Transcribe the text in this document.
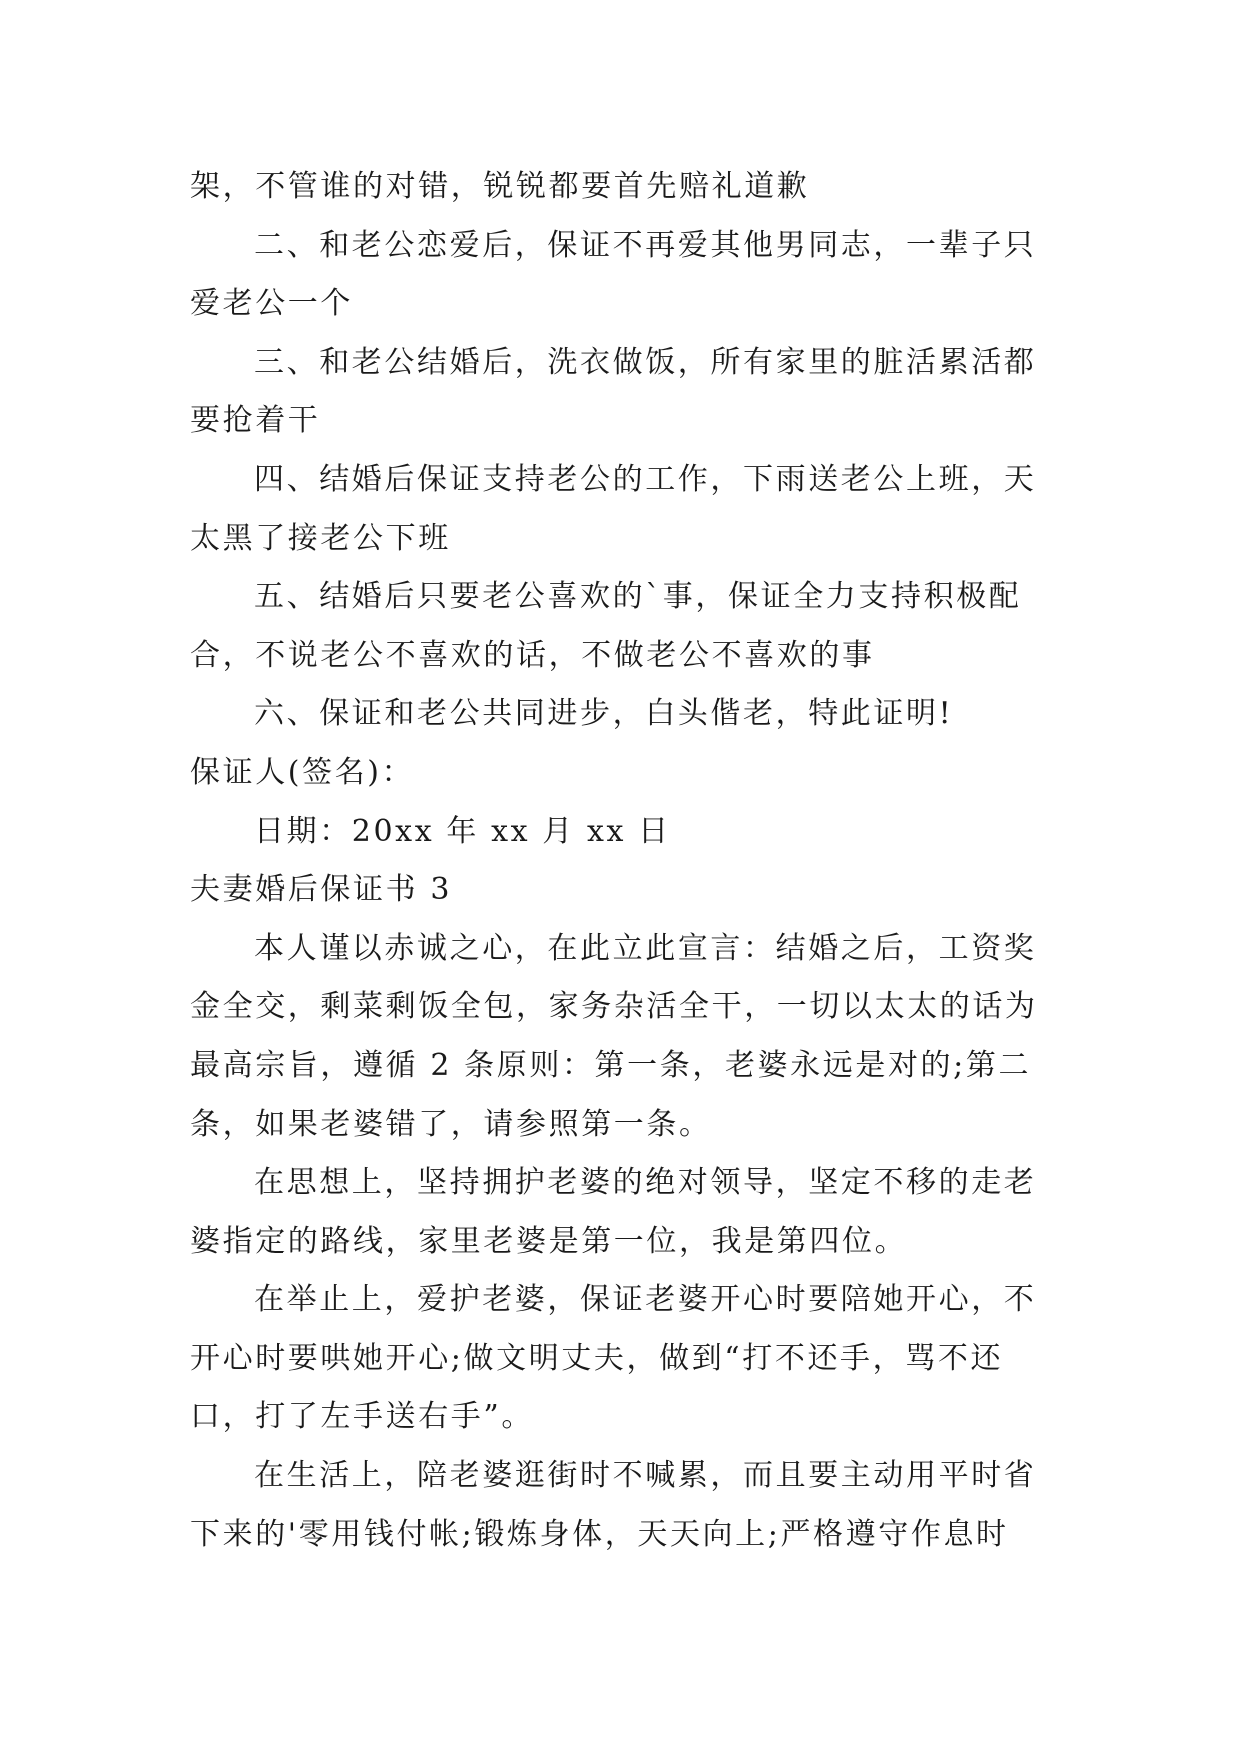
架，不管谁的对错，锐锐都要首先赔礼道歉
二、和老公恋爱后，保证不再爱其他男同志，一辈子只
爱老公一个
三、和老公结婚后，洗衣做饭，所有家里的脏活累活都
要抢着干
四、结婚后保证支持老公的工作，下雨送老公上班，天
太黑了接老公下班
五、结婚后只要老公喜欢的`事，保证全力支持积极配
合，不说老公不喜欢的话，不做老公不喜欢的事
六、保证和老公共同进步，白头偕老，特此证明!
保证人(签名)：
日期：20xx 年 xx 月 xx 日
夫妻婚后保证书 3
本人谨以赤诚之心，在此立此宣言：结婚之后，工资奖
金全交，剩菜剩饭全包，家务杂活全干，一切以太太的话为
最高宗旨，遵循 2 条原则：第一条，老婆永远是对的;第二
条，如果老婆错了，请参照第一条。
在思想上，坚持拥护老婆的绝对领导，坚定不移的走老
婆指定的路线，家里老婆是第一位，我是第四位。
在举止上，爱护老婆，保证老婆开心时要陪她开心，不
开心时要哄她开心;做文明丈夫，做到“打不还手，骂不还
口，打了左手送右手”。
在生活上，陪老婆逛街时不喊累，而且要主动用平时省
下来的'零用钱付帐;锻炼身体，天天向上;严格遵守作息时
